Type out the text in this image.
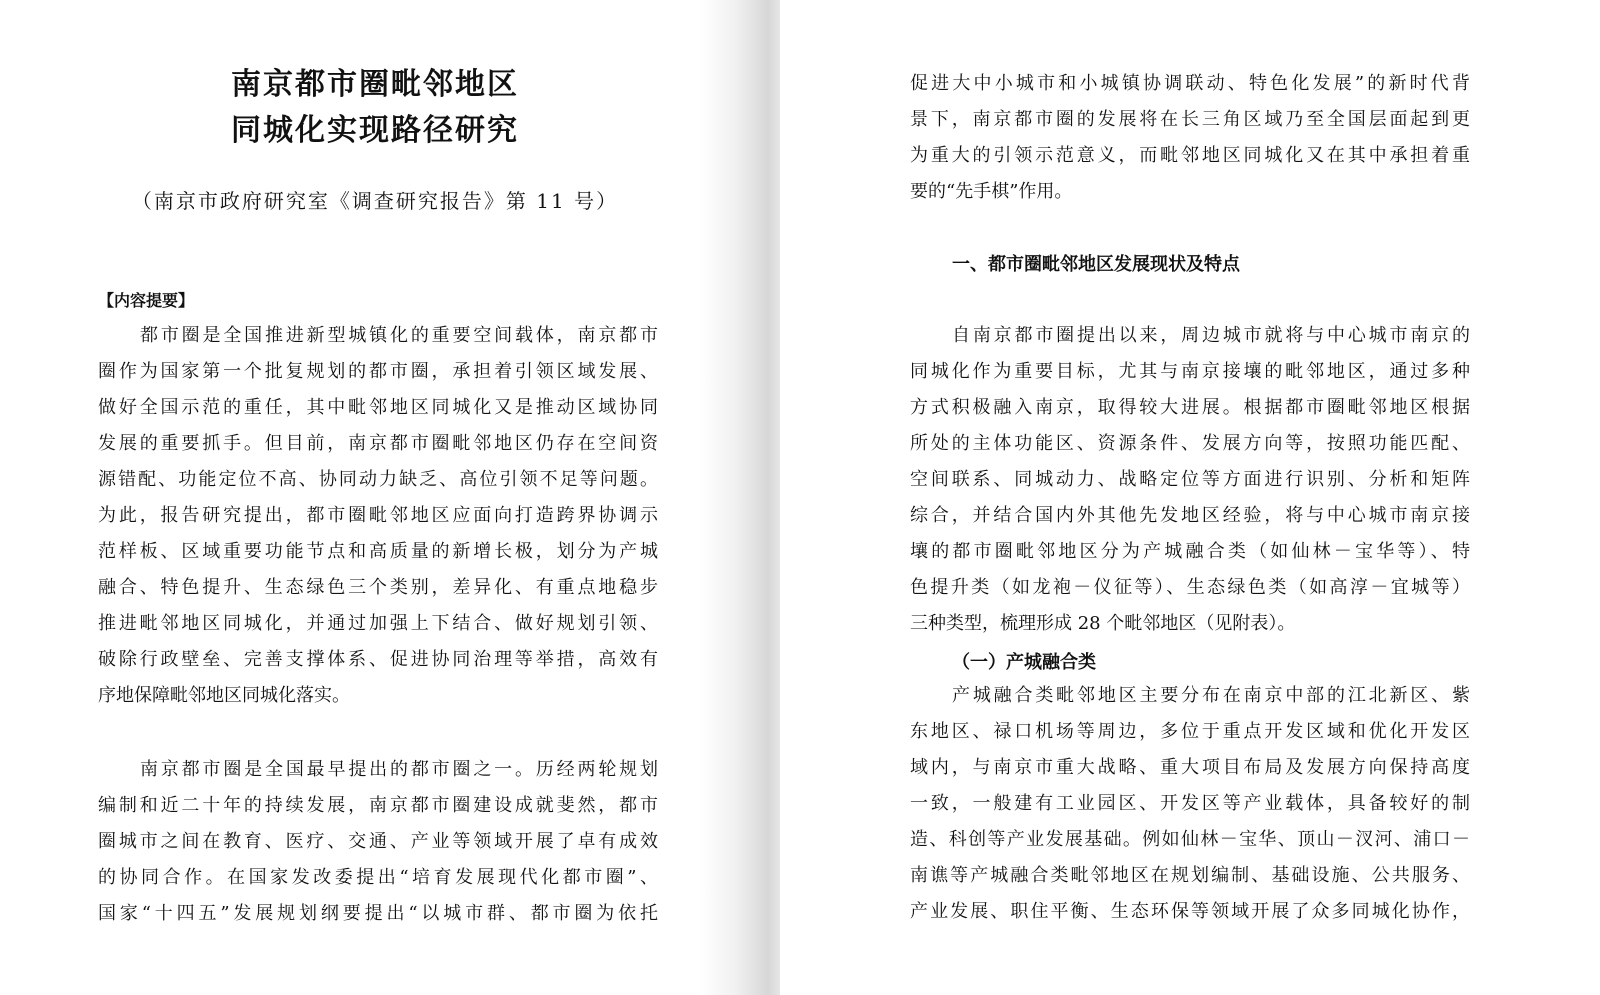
南京都市圈毗邻地区
同城化实现路径研究
（南京市政府研究室《调查研究报告》第 11 号）
【内容提要】
都市圈是全国推进新型城镇化的重要空间载体，南京都市
圈作为国家第一个批复规划的都市圈，承担着引领区域发展、
做好全国示范的重任，其中毗邻地区同城化又是推动区域协同
发展的重要抓手。但目前，南京都市圈毗邻地区仍存在空间资
源错配、功能定位不高、协同动力缺乏、高位引领不足等问题。
为此，报告研究提出，都市圈毗邻地区应面向打造跨界协调示
范样板、区域重要功能节点和高质量的新增长极，划分为产城
融合、特色提升、生态绿色三个类别，差异化、有重点地稳步
推进毗邻地区同城化，并通过加强上下结合、做好规划引领、
破除行政壁垒、完善支撑体系、促进协同治理等举措，高效有
序地保障毗邻地区同城化落实。
南京都市圈是全国最早提出的都市圈之一。历经两轮规划
编制和近二十年的持续发展，南京都市圈建设成就斐然，都市
圈城市之间在教育、医疗、交通、产业等领域开展了卓有成效
的协同合作。在国家发改委提出“培育发展现代化都市圈”、
国家“十四五”发展规划纲要提出“以城市群、都市圈为依托
促进大中小城市和小城镇协调联动、特色化发展”的新时代背
景下，南京都市圈的发展将在长三角区域乃至全国层面起到更
为重大的引领示范意义，而毗邻地区同城化又在其中承担着重
要的“先手棋”作用。
一、都市圈毗邻地区发展现状及特点
自南京都市圈提出以来，周边城市就将与中心城市南京的
同城化作为重要目标，尤其与南京接壤的毗邻地区，通过多种
方式积极融入南京，取得较大进展。根据都市圈毗邻地区根据
所处的主体功能区、资源条件、发展方向等，按照功能匹配、
空间联系、同城动力、战略定位等方面进行识别、分析和矩阵
综合，并结合国内外其他先发地区经验，将与中心城市南京接
壤的都市圈毗邻地区分为产城融合类（如仙林－宝华等）、特
色提升类（如龙袍－仪征等）、生态绿色类（如高淳－宜城等）
三种类型，梳理形成 28 个毗邻地区（见附表）。
（一）产城融合类
产城融合类毗邻地区主要分布在南京中部的江北新区、紫
东地区、禄口机场等周边，多位于重点开发区域和优化开发区
域内，与南京市重大战略、重大项目布局及发展方向保持高度
一致，一般建有工业园区、开发区等产业载体，具备较好的制
造、科创等产业发展基础。例如仙林－宝华、顶山－汊河、浦口－
南谯等产城融合类毗邻地区在规划编制、基础设施、公共服务、
产业发展、职住平衡、生态环保等领域开展了众多同城化协作，
